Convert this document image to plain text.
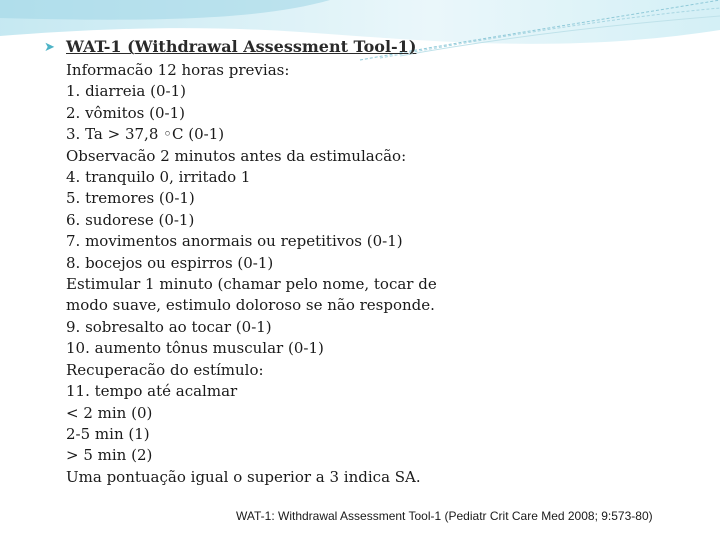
➤ WAT-1 (Withdrawal Assessment Tool-1)
Informacão 12 horas previas:
1. diarreia (0-1)
2. vômitos (0-1)
3. Ta > 37,8 ◦C (0-1)
Observacão 2 minutos antes da estimulacão:
4. tranquilo 0, irritado 1
5. tremores (0-1)
6. sudorese (0-1)
7. movimentos anormais ou repetitivos (0-1)
8. bocejos ou espirros (0-1)
Estimular 1 minuto (chamar pelo nome, tocar de
modo suave, estimulo doloroso se não responde.
9. sobresalto ao tocar (0-1)
10. aumento tônus muscular (0-1)
Recuperacão do estímulo:
11. tempo até acalmar
< 2 min (0)
2-5 min (1)
> 5 min (2)
Uma pontuação igual o superior a 3 indica SA.
WAT-1: Withdrawal Assessment Tool-1 (Pediatr Crit Care Med 2008; 9:573-80)
